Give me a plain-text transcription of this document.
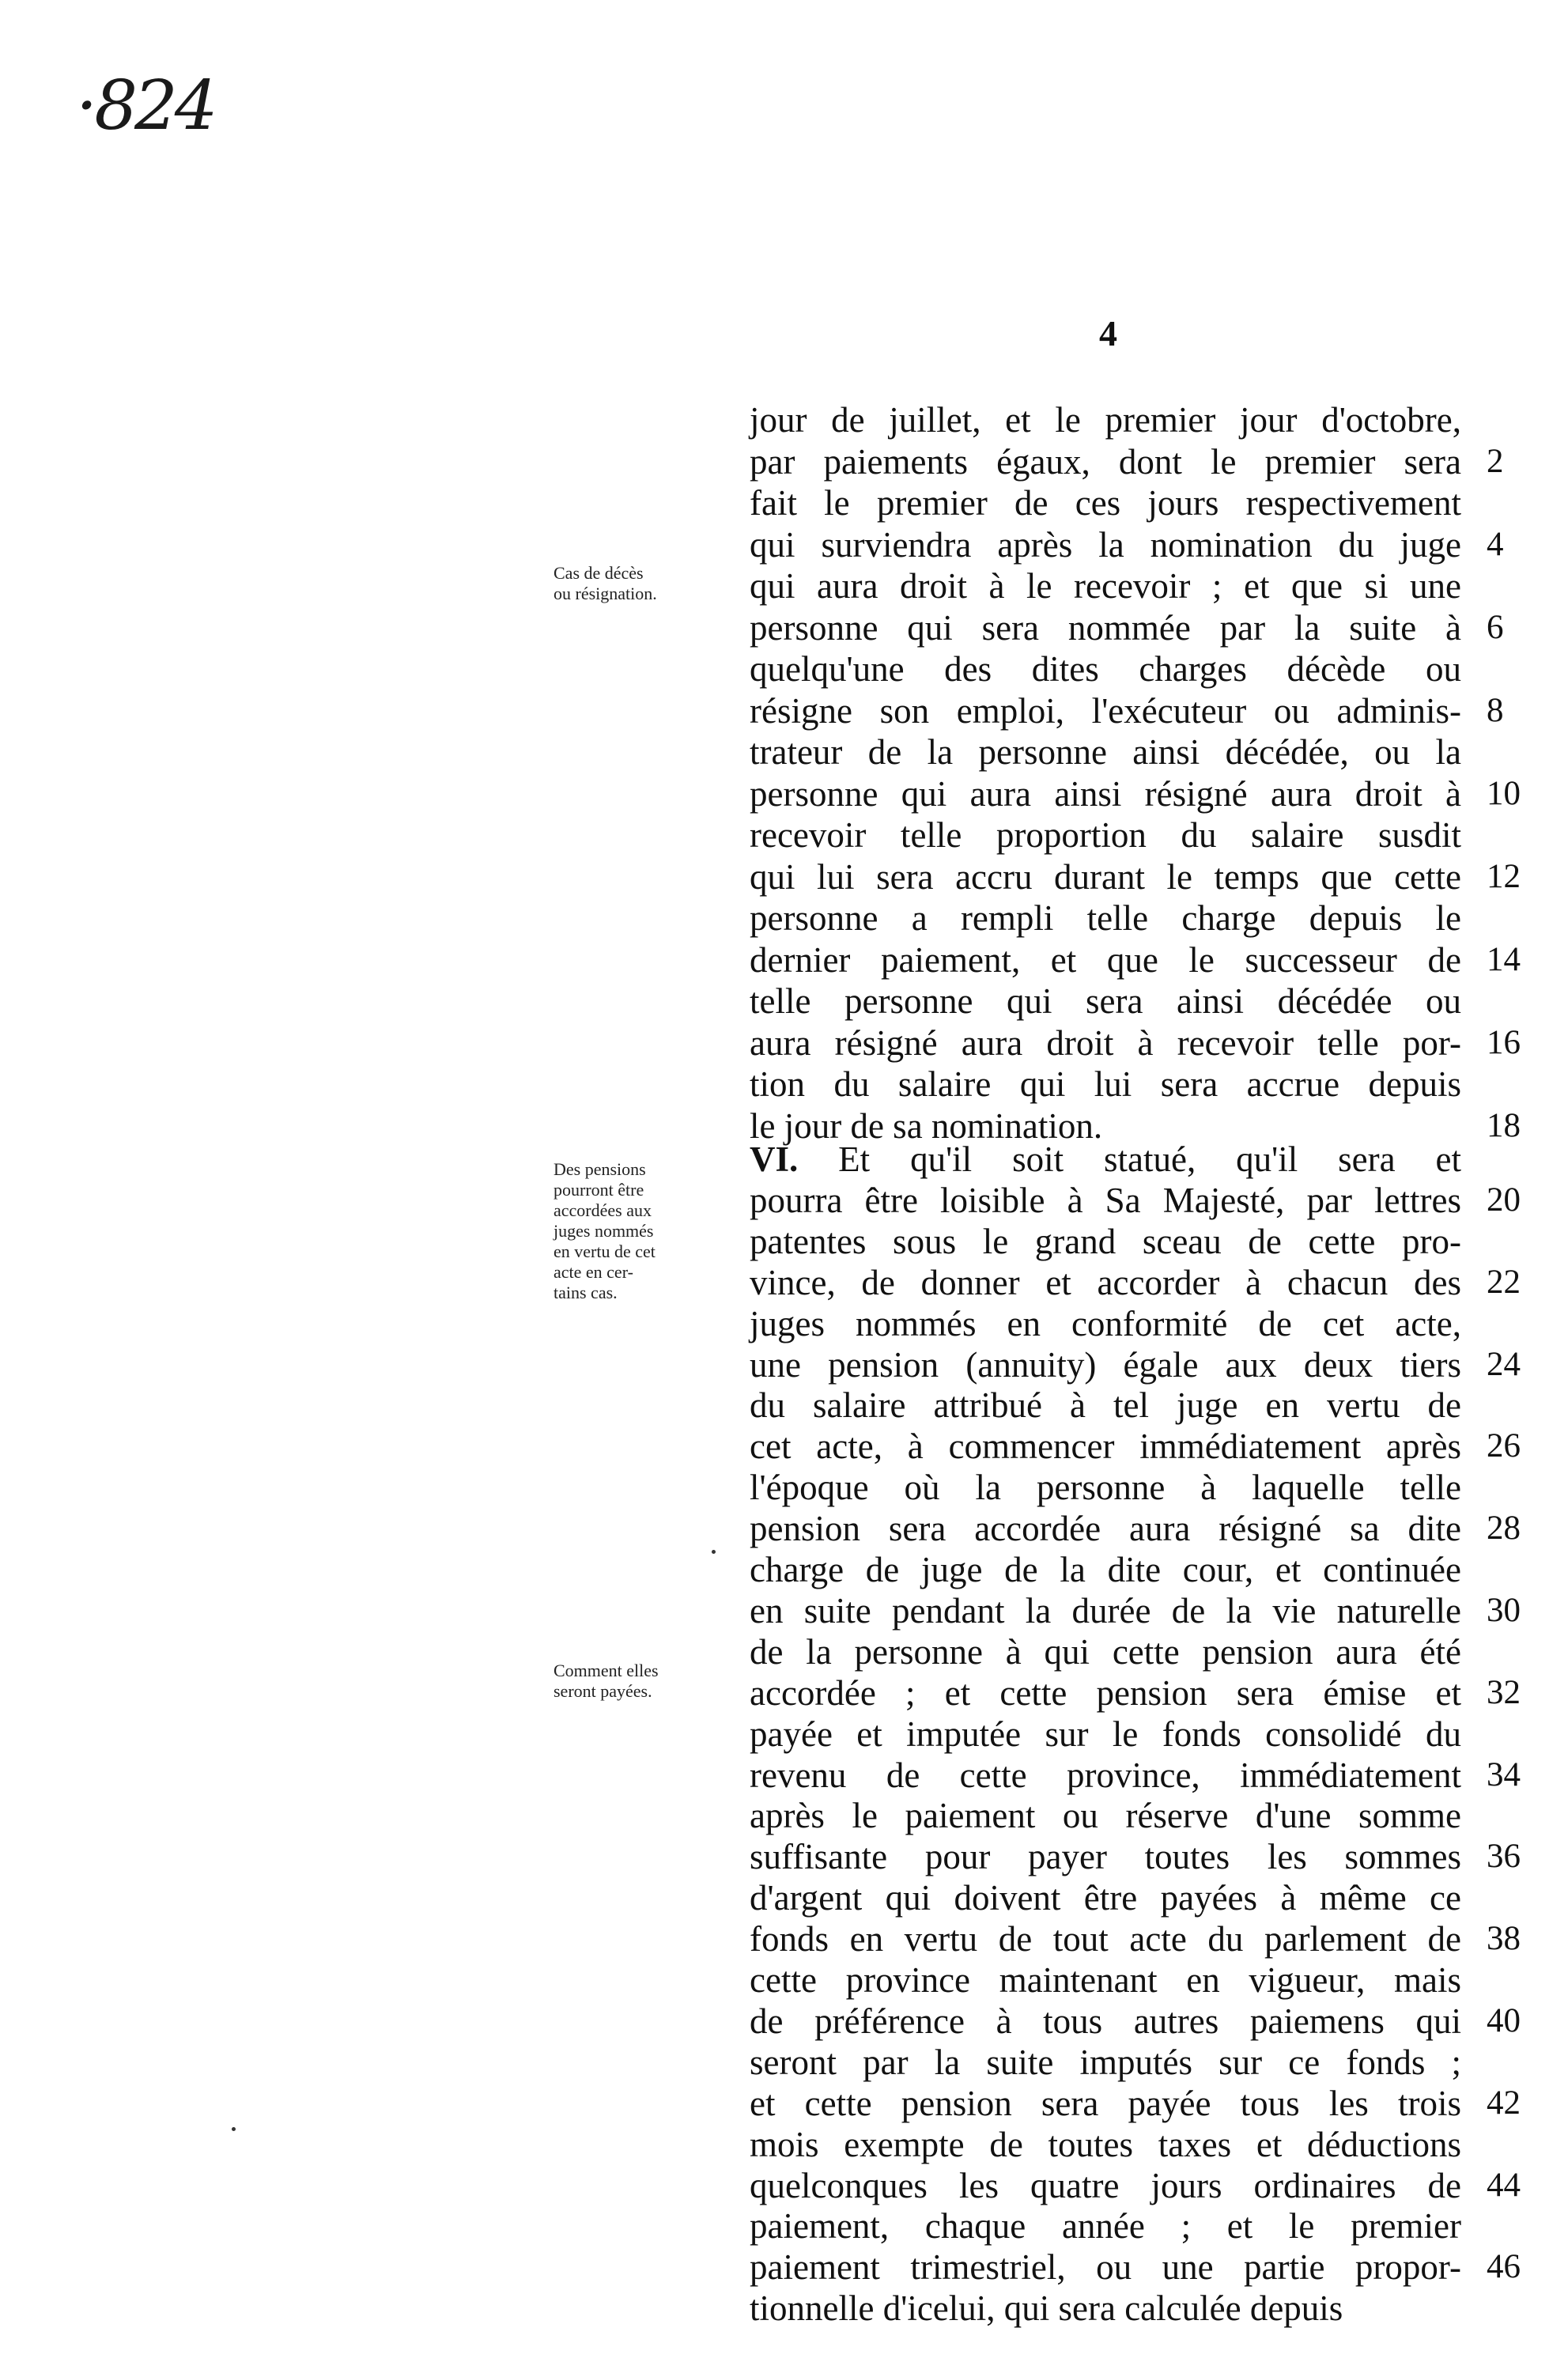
·824
4
Cas de décès
ou résignation.
Des pensions
pourront être
accordées aux
juges nommés
en vertu de cet
acte en cer-
tains cas.
Comment elles
seront payées.
jour de juillet, et le premier jour d'octobre,
par paiements égaux, dont le premier sera
fait le premier de ces jours respectivement
qui surviendra après la nomination du juge
qui aura droit à le recevoir ; et que si une
personne qui sera nommée par la suite à
quelqu'une des dites charges décède ou
résigne son emploi, l'exécuteur ou adminis-
trateur de la personne ainsi décédée, ou la
personne qui aura ainsi résigné aura droit à
recevoir telle proportion du salaire susdit
qui lui sera accru durant le temps que cette
personne a rempli telle charge depuis le
dernier paiement, et que le successeur de
telle personne qui sera ainsi décédée ou
aura résigné aura droit à recevoir telle por-
tion du salaire qui lui sera accrue depuis
le jour de sa nomination.
VI. Et qu'il soit statué, qu'il sera et
pourra être loisible à Sa Majesté, par lettres
patentes sous le grand sceau de cette pro-
vince, de donner et accorder à chacun des
juges nommés en conformité de cet acte,
une pension (annuity) égale aux deux tiers
du salaire attribué à tel juge en vertu de
cet acte, à commencer immédiatement après
l'époque où la personne à laquelle telle
pension sera accordée aura résigné sa dite
charge de juge de la dite cour, et continuée
en suite pendant la durée de la vie naturelle
de la personne à qui cette pension aura été
accordée ; et cette pension sera émise et
payée et imputée sur le fonds consolidé du
revenu de cette province, immédiatement
après le paiement ou réserve d'une somme
suffisante pour payer toutes les sommes
d'argent qui doivent être payées à même ce
fonds en vertu de tout acte du parlement de
cette province maintenant en vigueur, mais
de préférence à tous autres paiemens qui
seront par la suite imputés sur ce fonds ;
et cette pension sera payée tous les trois
mois exempte de toutes taxes et déductions
quelconques les quatre jours ordinaires de
paiement, chaque année ; et le premier
paiement trimestriel, ou une partie propor-
tionnelle d'icelui, qui sera calculée depuis
2
4
6
8
10
12
14
16
18
20
22
24
26
28
30
32
34
36
38
40
42
44
46
